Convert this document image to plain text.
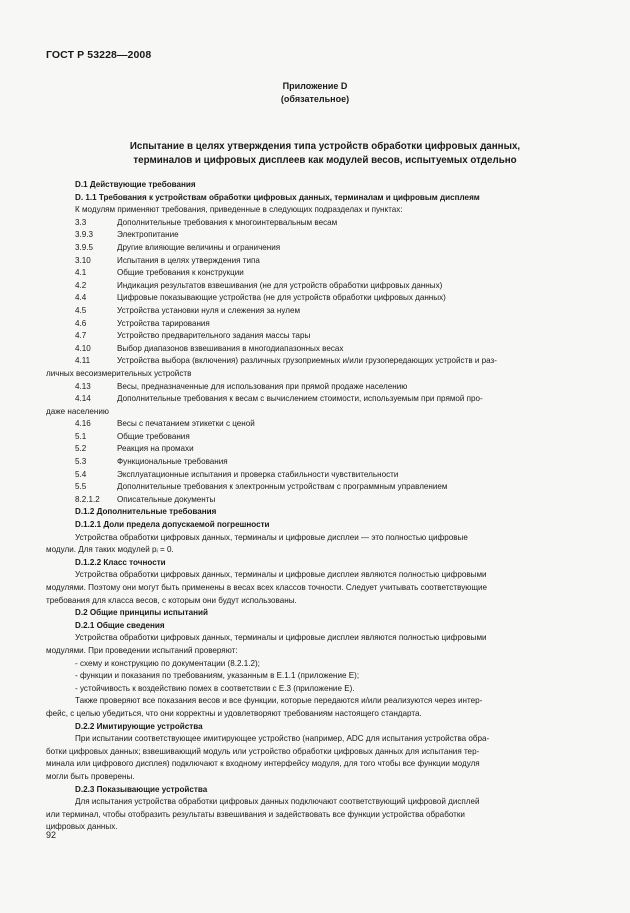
ГОСТ Р 53228—2008
Приложение D
(обязательное)
Испытание в целях утверждения типа устройств обработки цифровых данных,
терминалов и цифровых дисплеев как модулей весов, испытуемых отдельно
D.1 Действующие требования
D. 1.1 Требования к устройствам обработки цифровых данных, терминалам и цифровым дисплеям
К модулям применяют требования, приведенные в следующих подразделах и пунктах:
3.3	Дополнительные требования к многоинтервальным весам
3.9.3	Электропитание
3.9.5	Другие влияющие величины и ограничения
3.10	Испытания в целях утверждения типа
4.1	Общие требования к конструкции
4.2	Индикация результатов взвешивания (не для устройств обработки цифровых данных)
4.4	Цифровые показывающие устройства (не для устройств обработки цифровых данных)
4.5	Устройства установки нуля и слежения за нулем
4.6	Устройства тарирования
4.7	Устройство предварительного задания массы тары
4.10	Выбор диапазонов взвешивания в многодиапазонных весах
4.11	Устройства выбора (включения) различных грузоприемных и/или грузопередающих устройств и раз-
личных весоизмерительных устройств
4.13	Весы, предназначенные для использования при прямой продаже населению
4.14	Дополнительные требования к весам с вычислением стоимости, используемым при прямой про-
даже населению
4.16	Весы с печатанием этикетки с ценой
5.1	Общие требования
5.2	Реакция на промахи
5.3	Функциональные требования
5.4	Эксплуатационные испытания и проверка стабильности чувствительности
5.5	Дополнительные требования к электронным устройствам с программным управлением
8.2.1.2	Описательные документы
D.1.2 Дополнительные требования
D.1.2.1 Доли предела допускаемой погрешности
Устройства обработки цифровых данных, терминалы и цифровые дисплеи — это полностью цифровые
модули. Для таких модулей pᵢ = 0.
D.1.2.2 Класс точности
Устройства обработки цифровых данных, терминалы и цифровые дисплеи являются полностью цифровыми
модулями. Поэтому они могут быть применены в весах всех классов точности. Следует учитывать соответствующие
требования для класса весов, с которым они будут использованы.
D.2 Общие принципы испытаний
D.2.1 Общие сведения
Устройства обработки цифровых данных, терминалы и цифровые дисплеи являются полностью цифровыми
модулями. При проведении испытаний проверяют:
- схему и конструкцию по документации (8.2.1.2);
- функции и показания по требованиям, указанным в Е.1.1 (приложение Е);
- устойчивость к воздействию помех в соответствии с Е.3 (приложение Е).
Также проверяют все показания весов и все функции, которые передаются и/или реализуются через интер-
фейс, с целью убедиться, что они корректны и удовлетворяют требованиям настоящего стандарта.
D.2.2 Имитирующие устройства
При испытании соответствующее имитирующее устройство (например, ADC для испытания устройства обра-
ботки цифровых данных; взвешивающий модуль или устройство обработки цифровых данных для испытания тер-
минала или цифрового дисплея) подключают к входному интерфейсу модуля, для того чтобы все функции модуля
могли быть проверены.
D.2.3 Показывающие устройства
Для испытания устройства обработки цифровых данных подключают соответствующий цифровой дисплей
или терминал, чтобы отобразить результаты взвешивания и задействовать все функции устройства обработки
цифровых данных.
92
